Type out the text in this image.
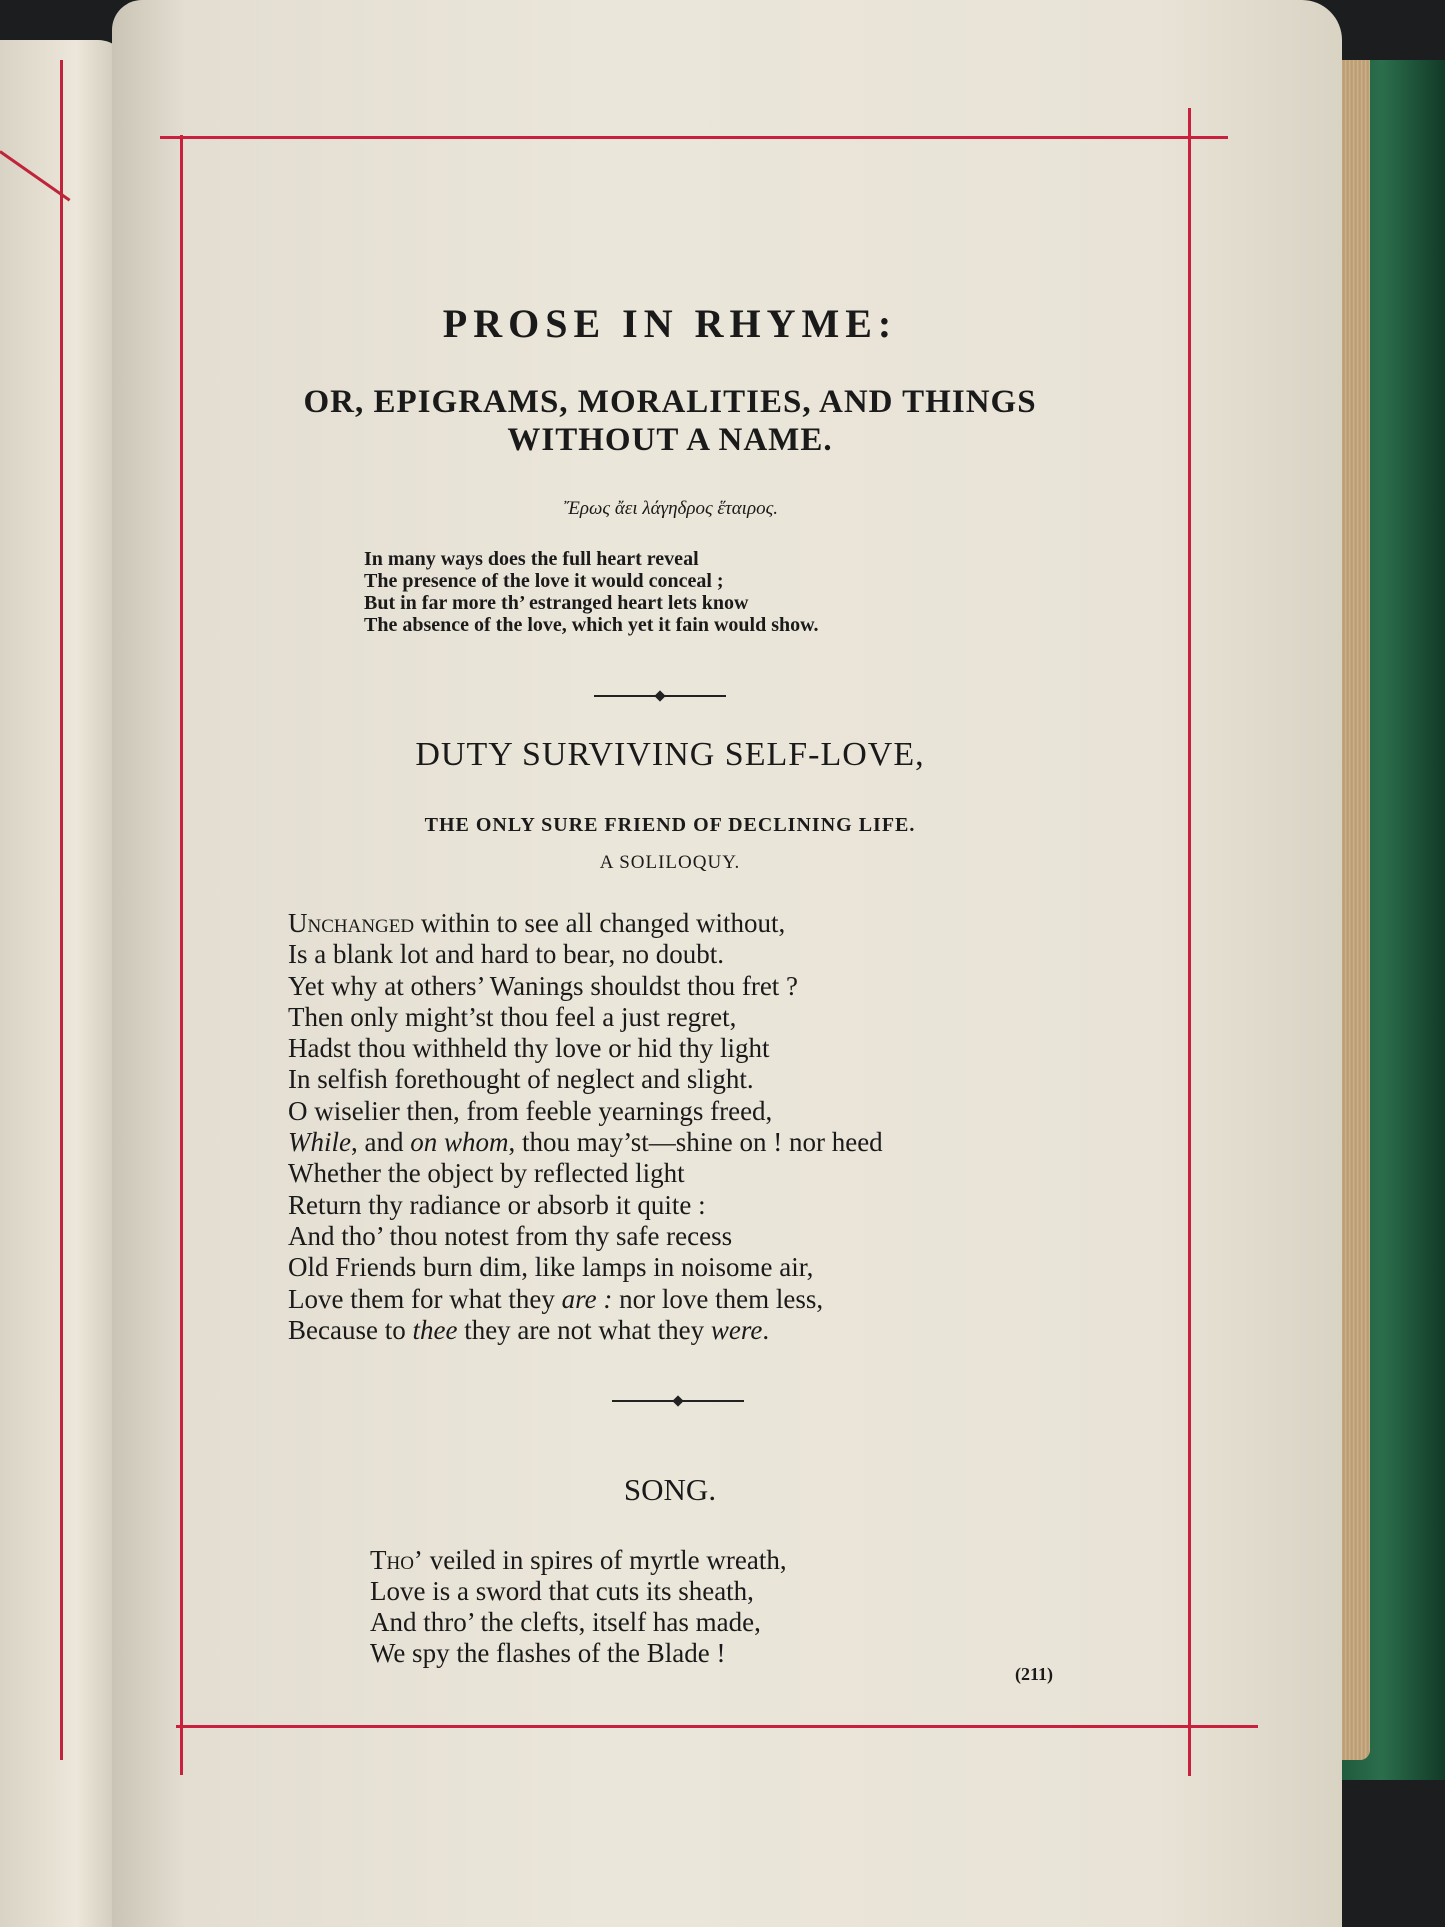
PROSE IN RHYME:
OR, EPIGRAMS, MORALITIES, AND THINGS
WITHOUT A NAME.
῎Ερως ἄει λάγηδρος ἕταιρος.
In many ways does the full heart reveal
The presence of the love it would conceal ;
But in far more th’ estranged heart lets know
The absence of the love, which yet it fain would show.
DUTY SURVIVING SELF-LOVE,
THE ONLY SURE FRIEND OF DECLINING LIFE.
A SOLILOQUY.
Unchanged within to see all changed without,
Is a blank lot and hard to bear, no doubt.
Yet why at others’ Wanings shouldst thou fret ?
Then only might’st thou feel a just regret,
Hadst thou withheld thy love or hid thy light
In selfish forethought of neglect and slight.
O wiselier then, from feeble yearnings freed,
While, and on whom, thou may’st—shine on ! nor heed
Whether the object by reflected light
Return thy radiance or absorb it quite :
And tho’ thou notest from thy safe recess
Old Friends burn dim, like lamps in noisome air,
Love them for what they are : nor love them less,
Because to thee they are not what they were.
SONG.
Tho’ veiled in spires of myrtle wreath,
Love is a sword that cuts its sheath,
And thro’ the clefts, itself has made,
We spy the flashes of the Blade !
(211)
